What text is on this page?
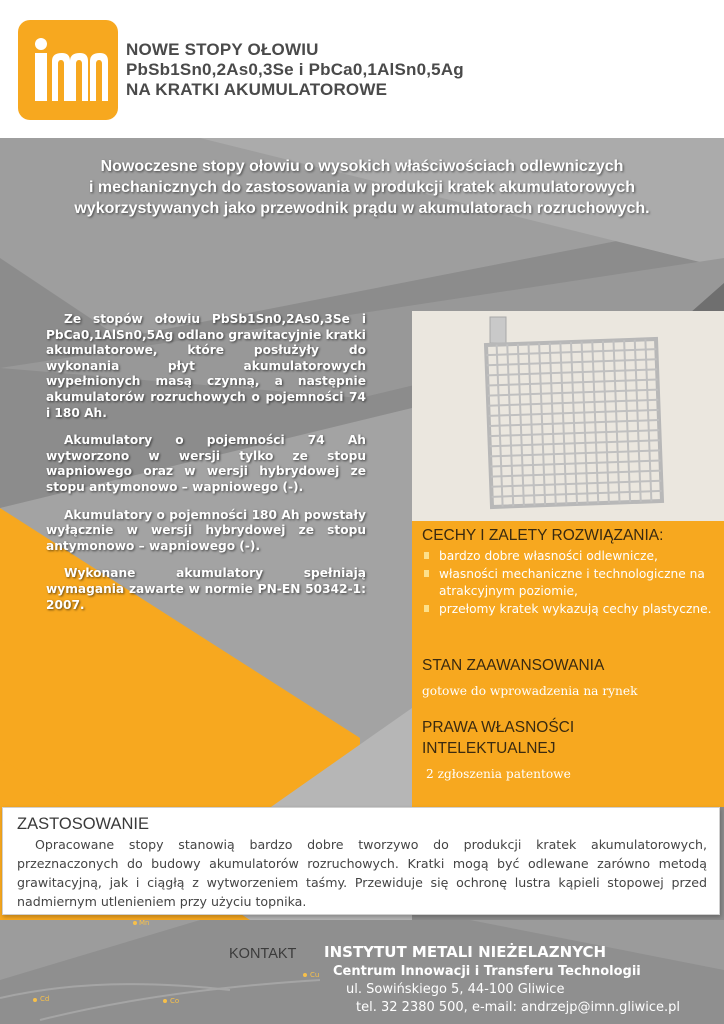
NOWE STOPY OŁOWIU
PbSb1Sn0,2As0,3Se i PbCa0,1AlSn0,5Ag
NA KRATKI AKUMULATOROWE
Nowoczesne stopy ołowiu o wysokich właściwościach odlewniczych
i mechanicznych do zastosowania w produkcji kratek akumulatorowych
wykorzystywanych jako przewodnik prądu w akumulatorach rozruchowych.

Ze stopów ołowiu PbSb1Sn0,2As0,3Se i PbCa0,1AlSn0,5Ag odlano grawitacyjnie kratki akumulatorowe, które posłużyły do wykonania płyt akumulatorowych wypełnionych masą czynną, a następnie akumulatorów rozruchowych o pojemności 74 i 180 Ah.

Akumulatory o pojemności 74 Ah wytworzono w wersji tylko ze stopu wapniowego oraz w wersji hybrydowej ze stopu antymonowo – wapniowego (-).

Akumulatory o pojemności 180 Ah powstały wyłącznie w wersji hybrydowej ze stopu antymonowo – wapniowego (-).

Wykonane akumulatory spełniają wymagania zawarte w normie PN-EN 50342-1: 2007.

CECHY I ZALETY ROZWIĄZANIA:
bardzo dobre własności odlewnicze,
własności mechaniczne i technologiczne na atrakcyjnym poziomie,
przełomy kratek wykazują cechy plastyczne.
STAN ZAAWANSOWANIA
gotowe do wprowadzenia na rynek
PRAWA WŁASNOŚCI
INTELEKTUALNEJ
2 zgłoszenia patentowe
ZASTOSOWANIE
Opracowane stopy stanowią bardzo dobre tworzywo do produkcji kratek akumulatorowych, przeznaczonych do budowy akumulatorów rozruchowych. Kratki mogą być odlewane zarówno metodą grawitacyjną, jak i ciągłą z wytworzeniem taśmy. Przewiduje się ochronę lustra kąpieli stopowej przed nadmiernym utlenieniem przy użyciu topnika.
Mn
Cu
Cd	Co
KONTAKT INSTYTUT METALI NIEŻELAZNYCH
Centrum Innowacji i Transferu Technologii
ul. Sowińskiego 5, 44-100 Gliwice
tel. 32 2380 500, e-mail: andrzejp@imn.gliwice.pl
